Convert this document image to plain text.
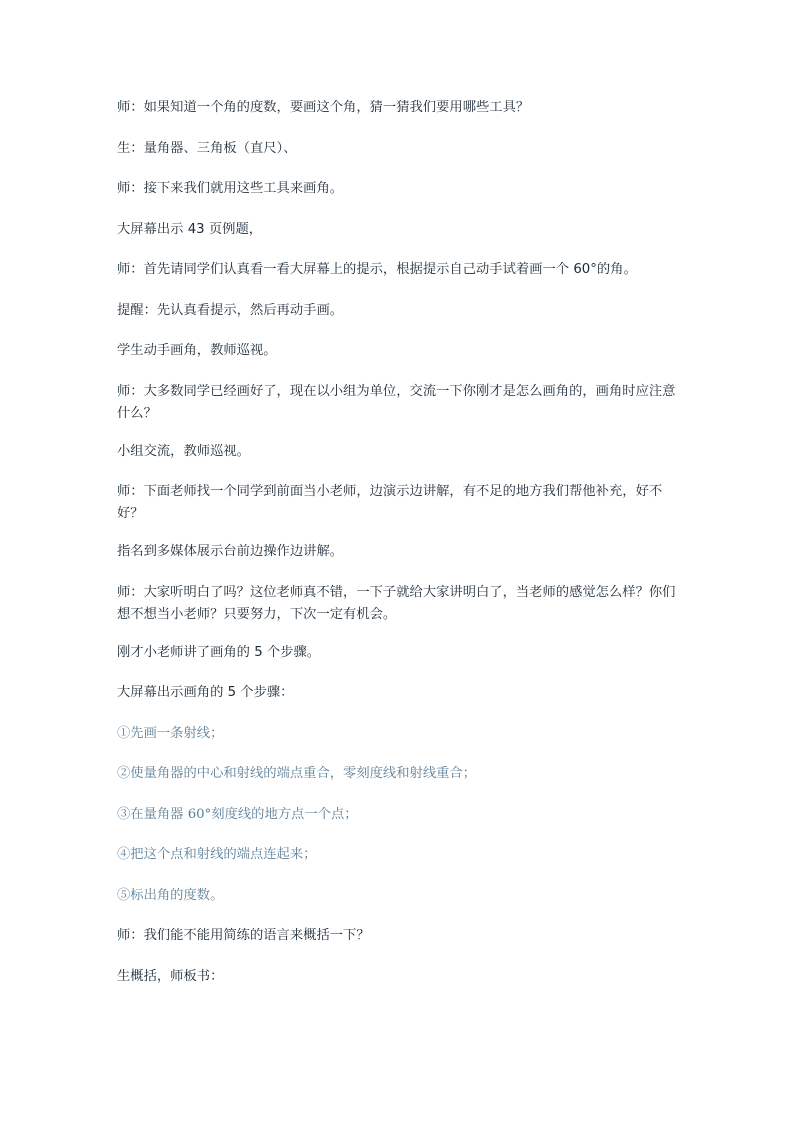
师：如果知道一个角的度数，要画这个角，猜一猜我们要用哪些工具？

生：量角器、三角板（直尺）、

师：接下来我们就用这些工具来画角。

大屏幕出示 43 页例题，

师：首先请同学们认真看一看大屏幕上的提示，根据提示自己动手试着画一个 60°的角。

提醒：先认真看提示，然后再动手画。

学生动手画角，教师巡视。

师：大多数同学已经画好了，现在以小组为单位，交流一下你刚才是怎么画角的，画角时应注意什么？

小组交流，教师巡视。

师：下面老师找一个同学到前面当小老师，边演示边讲解，有不足的地方我们帮他补充，好不好？

指名到多媒体展示台前边操作边讲解。

师：大家听明白了吗？这位老师真不错，一下子就给大家讲明白了，当老师的感觉怎么样？你们想不想当小老师？只要努力，下次一定有机会。

刚才小老师讲了画角的 5 个步骤。

大屏幕出示画角的 5 个步骤：

①先画一条射线；

②使量角器的中心和射线的端点重合，零刻度线和射线重合；

③在量角器 60°刻度线的地方点一个点；

④把这个点和射线的端点连起来；

⑤标出角的度数。

师：我们能不能用简练的语言来概括一下？

生概括，师板书：
